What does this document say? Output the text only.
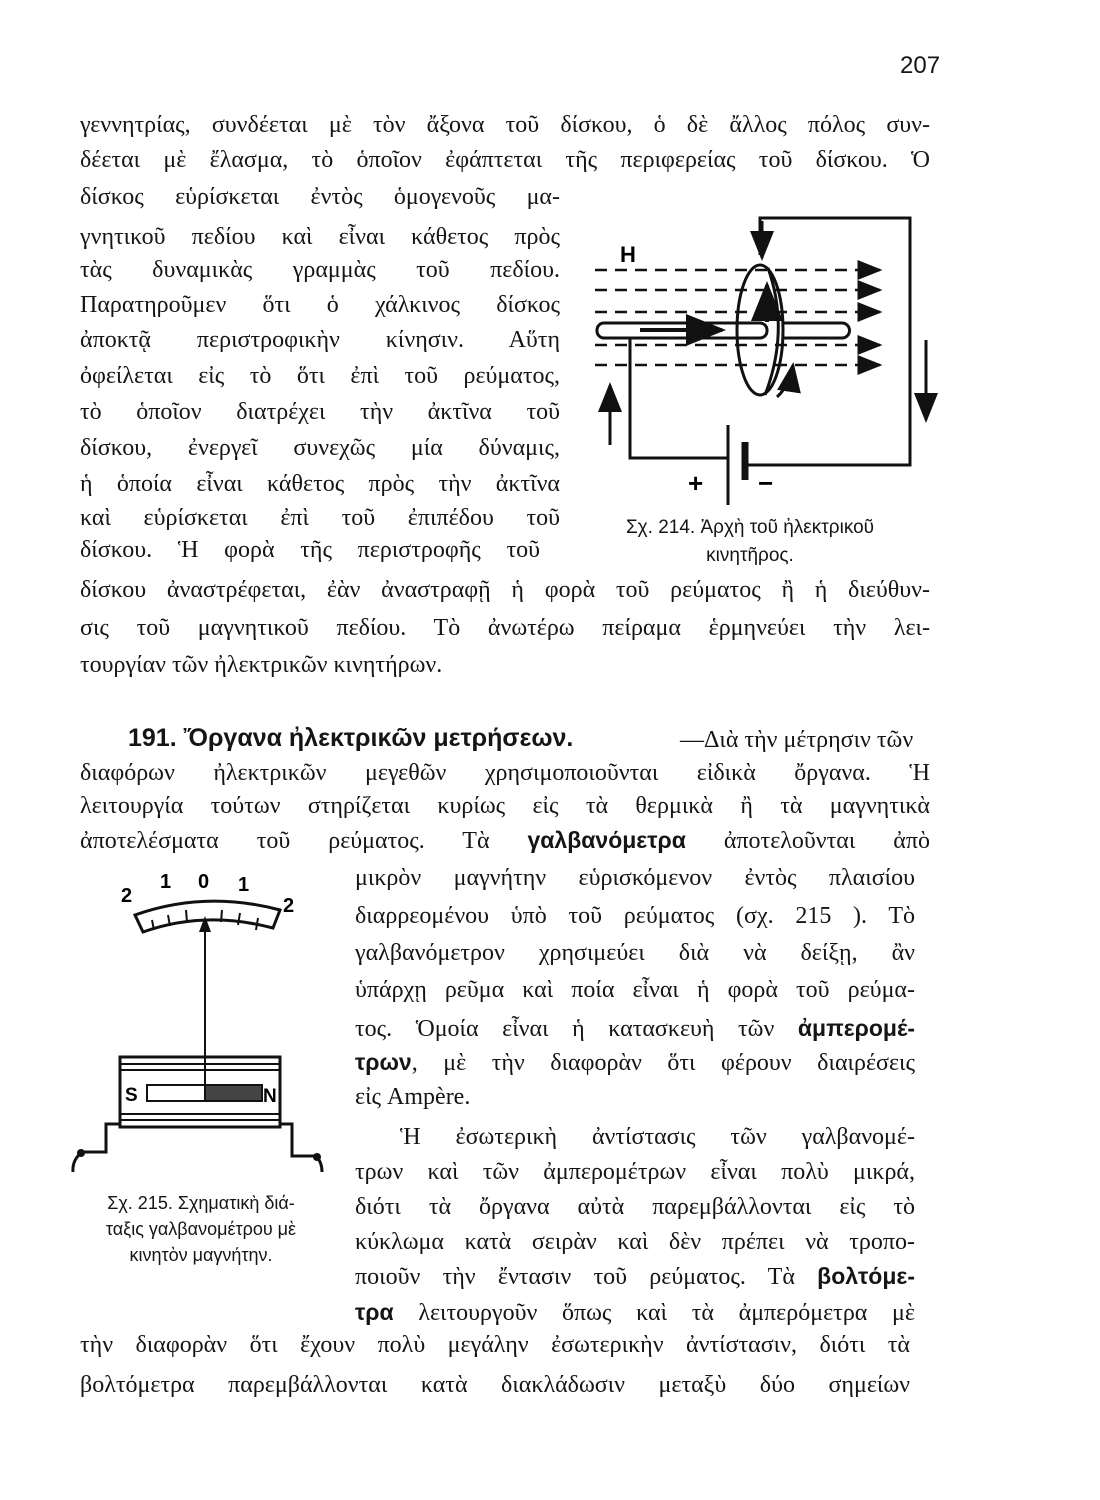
207
γεννητρίας, συνδέεται μὲ τὸν ἄξονα τοῦ δίσκου, ὁ δὲ ἄλλος πόλος συν-
δέεται μὲ ἔλασμα, τὸ ὁποῖον ἐφάπτεται τῆς περιφερείας τοῦ δίσκου. Ὁ
δίσκος εὑρίσκεται ἐντὸς ὁμογενοῦς μα-
γνητικοῦ πεδίου καὶ εἶναι κάθετος πρὸς
τὰς δυναμικὰς γραμμὰς τοῦ πεδίου.
Παρατηροῦμεν ὅτι ὁ χάλκινος δίσκος
ἀποκτᾷ περιστροφικὴν κίνησιν. Αὕτη
ὀφείλεται εἰς τὸ ὅτι ἐπὶ τοῦ ρεύματος,
τὸ ὁποῖον διατρέχει τὴν ἀκτῖνα τοῦ
δίσκου, ἐνεργεῖ συνεχῶς μία δύναμις,
ἡ ὁποία εἶναι κάθετος πρὸς τὴν ἀκτῖνα
καὶ εὑρίσκεται ἐπὶ τοῦ ἐπιπέδου τοῦ
δίσκου. Ἡ φορὰ τῆς περιστροφῆς τοῦ
δίσκου ἀναστρέφεται, ἐὰν ἀναστραφῇ ἡ φορὰ τοῦ ρεύματος ἢ ἡ διεύθυν-
σις τοῦ μαγνητικοῦ πεδίου. Τὸ ἀνωτέρω πείραμα ἑρμηνεύει τὴν λει-
τουργίαν τῶν ἠλεκτρικῶν κινητήρων.
—Διὰ τὴν μέτρησιν τῶν
διαφόρων ἠλεκτρικῶν μεγεθῶν χρησιμοποιοῦνται εἰδικὰ ὄργανα. Ἡ
λειτουργία τούτων στηρίζεται κυρίως εἰς τὰ θερμικὰ ἢ τὰ μαγνητικὰ
ἀποτελέσματα τοῦ ρεύματος. Τὰ γαλβανόμετρα ἀποτελοῦνται ἀπὸ
μικρὸν μαγνήτην εὑρισκόμενον ἐντὸς πλαισίου
διαρρεομένου ὑπὸ τοῦ ρεύματος (σχ. 215 ). Τὸ
γαλβανόμετρον χρησιμεύει διὰ νὰ δείξῃ, ἂν
ὑπάρχῃ ρεῦμα καὶ ποία εἶναι ἡ φορὰ τοῦ ρεύμα-
τος. Ὁμοία εἶναι ἡ κατασκευὴ τῶν ἀμπερομέ-
τρων, μὲ τὴν διαφορὰν ὅτι φέρουν διαιρέσεις
εἰς Ampère.
Ἡ ἐσωτερικὴ ἀντίστασις τῶν γαλβανομέ-
τρων καὶ τῶν ἀμπερομέτρων εἶναι πολὺ μικρά,
διότι τὰ ὄργανα αὐτὰ παρεμβάλλονται εἰς τὸ
κύκλωμα κατὰ σειρὰν καὶ δὲν πρέπει νὰ τροπο-
ποιοῦν τὴν ἔντασιν τοῦ ρεύματος. Τὰ βολτόμε-
τρα λειτουργοῦν ὅπως καὶ τὰ ἀμπερόμετρα μὲ
τὴν διαφορὰν ὅτι ἔχουν πολὺ μεγάλην ἐσωτερικὴν ἀντίστασιν, διότι τὰ
βολτόμετρα παρεμβάλλονται κατὰ διακλάδωσιν μεταξὺ δύο σημείων
191. Ὄργανα ἠλεκτρικῶν μετρήσεων.
H
+ −
Σχ. 214. Ἀρχὴ τοῦ ἠλεκτρικοῦ
κινητῆρος.
2
1 0 1
2
S	N
Σχ. 215. Σχηματικὴ διά-
ταξις γαλβανομέτρου μὲ
κινητὸν μαγνήτην.
